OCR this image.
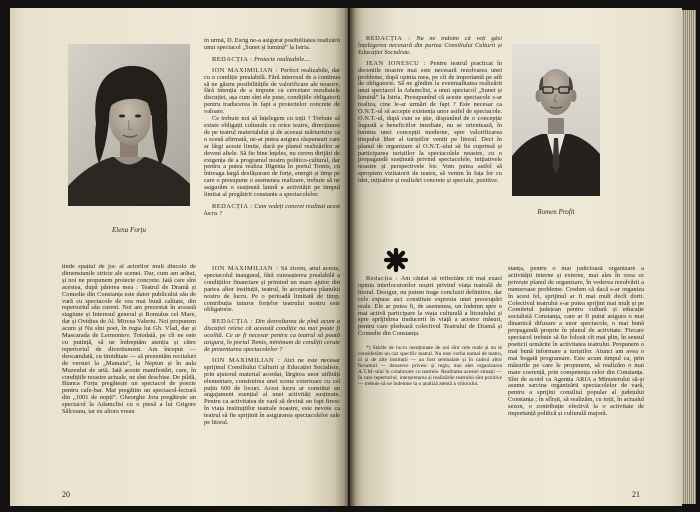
Elena Forțu

în urmă, D. Esrig ne-a asigurat posibilitatea realizării unui spectacol „Sunet și lumină” la Istria.

REDACȚIA : Proiecte realizabile....

ION MAXIMILIAN : Perfect realizabile, dar cu o condiție prealabilă. Fără interesul de a continua să ne găsim posibilitățile de valorificare ale noastre, fără intenția de a impune ca cercetare rezultatele discuției, așa cum sînt ele puse, condițiile obligatorii pentru traducerea în fapt a proiectelor concrete de valoare.

Ce trebuie noi să înțelegem cu toții ? Trebuie să existe obligații culturale cu orice teatru, direcțiunea de pe teatrul materialului și de aceeași mărturisire ca o scenă afirmată, ne-ar putea asigura răspunsuri care ar lărgi aceste limite, dacă pe planul realizărilor ar deveni altele. Să fie bine înțeles, nu cerem dirijări de exigența de a programul nostru politico-cultural, dar pentru a putea realiza Ifigenia în portul Tomis, cu întreaga largă desfășurare de forțe, energii și timp pe care o presupune o asemenea realizare, trebuie să ne asigurăm o susținută latură a activității pe timpul limitat al pregătirii constante a spectacolelor.

REDACȚIA : Cum vedeți concret realizat acest lucru ?

tinde spațiul de joc al actorilor mult dincolo de dimensiunile stricte ale scenei. Dar, cum am arătat, și noi ne propunem proiecte concrete. Iată care sînt acestea, după părerea mea : Teatrul de Dramă și Comedie din Constanța este dator publicului său de vară cu spectacole de cea mai bună calitate, din repertoriul său curent. Noi am prezentat în această stagiune și Interesul general și Romulus cel Mare, dar și Ovidius de Al. Mircea Valeriu. Noi propunem acum și Nu sînt poet, în regia lui Gh. Vlad, dar și Mascarada de Lermontov. Totodată, pe cît ne este cu putință, să ne îndreptăm atenția și către repertoriul de divertisment. Am început — deocamdată, cu timiditate — să prezentăm recitaluri de versuri la „Mamaia”, la Neptun și în aula Muzeului de artă. Iată aceste manifestări, care, în condițiile noastre actuale, ne sînt deschise. De pildă, Bianca Forțu pregătește un spectacol de poezie pentru cafe-bar. Mai pregătim un spectacol-lectură din „1001 de nopți”. Gheorghe Jora pregătește un spectacol la Adamclisi cu o piesă a lui Grigore Sălceanu, iar eu altora vreau

ION MAXIMILIAN : Să zicem, anul acesta, spectacolul inaugural, fără cunoașterea prealabilă a condițiilor financiare și primind un mare ajutor din partea altor instituții, teatrul, în acceptarea planului nostru de lucru. Pe o perioadă limitată de timp, contribuția tuturor forțelor teatrului nostru este obligatorie.

REDACȚIA : Din dezvoltarea de pînă acum a discuției reiese că această condiție nu mai poate fi ocolită. Ce ar fi necesar pentru ca teatrul să poată asigura, în portul Tomis, minimum de condiții cerute de prezentarea spectacolelor ?

ION MAXIMILIAN : Aici ne este necesar sprijinul Consiliului Culturii și Educației Socialiste, prin ajutorul material acordat, lărgirea unor utilități elementare, construirea unei scene exterioare cu cel puțin 600 de locuri. Acest lucru ar constitui un angajament esențial al unei activități susținute. Pentru ca activitatea de vară să devină un fapt firesc în viața instituțiilor teatrale noastre, este nevoie ca teatrul să fie sprijinit în asigurarea spectacolelor sale pe litoral.

20

REDACȚIA : Nu ne îndoim că veți găsi înțelegerea necesară din partea Consiliului Culturii și Educației Socialiste.

JEAN IONESCU : Pentru teatrul practicat în deceniile noastre mai este necesară rezolvarea unei probleme, după opinia mea, pe cît de importantă pe atît de obligatorie. Să ne gîndim la eventualitatea realizării unui spectacol la Adamclisi, a unui spectacol „Sunet și lumină” la Istria. Presupunînd că aceste spectacole s-ar realiza, cine le-ar urmări de fapt ? Este necesar ca O.N.T.-ul să accepte existența unor astfel de spectacole. O.N.T.-ul, după cum se știe, dispunînd de o concepție îngustă a beneficiilor imediate, nu se orientează, în lumina unei concepții moderne, spre valorificarea timpului liber al turiștilor veniți pe litoral. Deci în planul de organizare al O.N.T.-ului să fie cuprinsă și participarea turiștilor la spectacolele noastre, cu o propagandă susținută privind spectacolele, inițiativele noastre și perspectivele lor. Vom putea astfel să apropiem vizitatorii de teatru, să venim în fața lor cu idei, inițiative și realizări concrete și speciale, pozitive.

Romen Profit

Redacția : Am căutat să reflectăm cît mai exact opinia interlocutorilor noștri privind viața teatrală de litoral. Desigur, nu putem trage concluzii definitive, dar cele expuse aici constituie expresia unei preocupări reale. Ele ar putea fi, de asemenea, un îndemn spre o mai activă participare la viața culturală a litoralului și spre sprijinirea traducerii în viață a acestor măsuri, pentru care pledează colectivul Teatrului de Dramă și Comedie din Constanța.

*) Stările de lucru menționate de noi sînt cele reale și nu le considerăm un caz specific teatral. Nu este vorba numai de teatru, ci și de alte instituții — au fost semnalate și în cadrul altor forumuri — deoarece privesc și regia, mai ales organizarea A.T.M.-ului în colaborare cu teatrele. Realitatea acestei situații — în care repertoriul, interpretarea și realizările teatrului sînt pozitive — trebuie să ne îndemne la o analiză atentă a viitorului.

stanța, pentru o mai judicioasă organizare a activității interne și externe, mai ales în ceea ce privește planul de organizare, în vederea rezolvării a numeroase probleme. Credem că dacă s-ar organiza în acest fel, sprijinul ar fi mai mult decît dorit. Colectivul teatrului s-ar putea sprijini mai mult și pe Comitetul județean pentru cultură și educație socialistă Constanța, care ar fi putut asigura o mai dinamică difuzare a unor spectacole, o mai bună propagandă proprie în planul de activitate. Fiecare spectacol trebuie să fie folosit cît mai plin, în sensul poeticii urmărite în activitatea teatrului. Propunem o mai bună informare a turiștilor. Atunci am avea o mai bogată programare. Este acum timpul ca, prin măsurile pe care le propunem, să realizăm o mai mare coerență, prin competența celor din Constanța. Sînt de acord ca Agenția ARIA a Ministerului să-și asume sarcina organizării spectacolelor de vară, pentru a sprijini consiliul popular al județului Constanța ; în sfîrșit, să realizăm, cu toții, în actualul sezon, o contribuție efectivă la o activitate de importanță politică și culturală majoră.

21
